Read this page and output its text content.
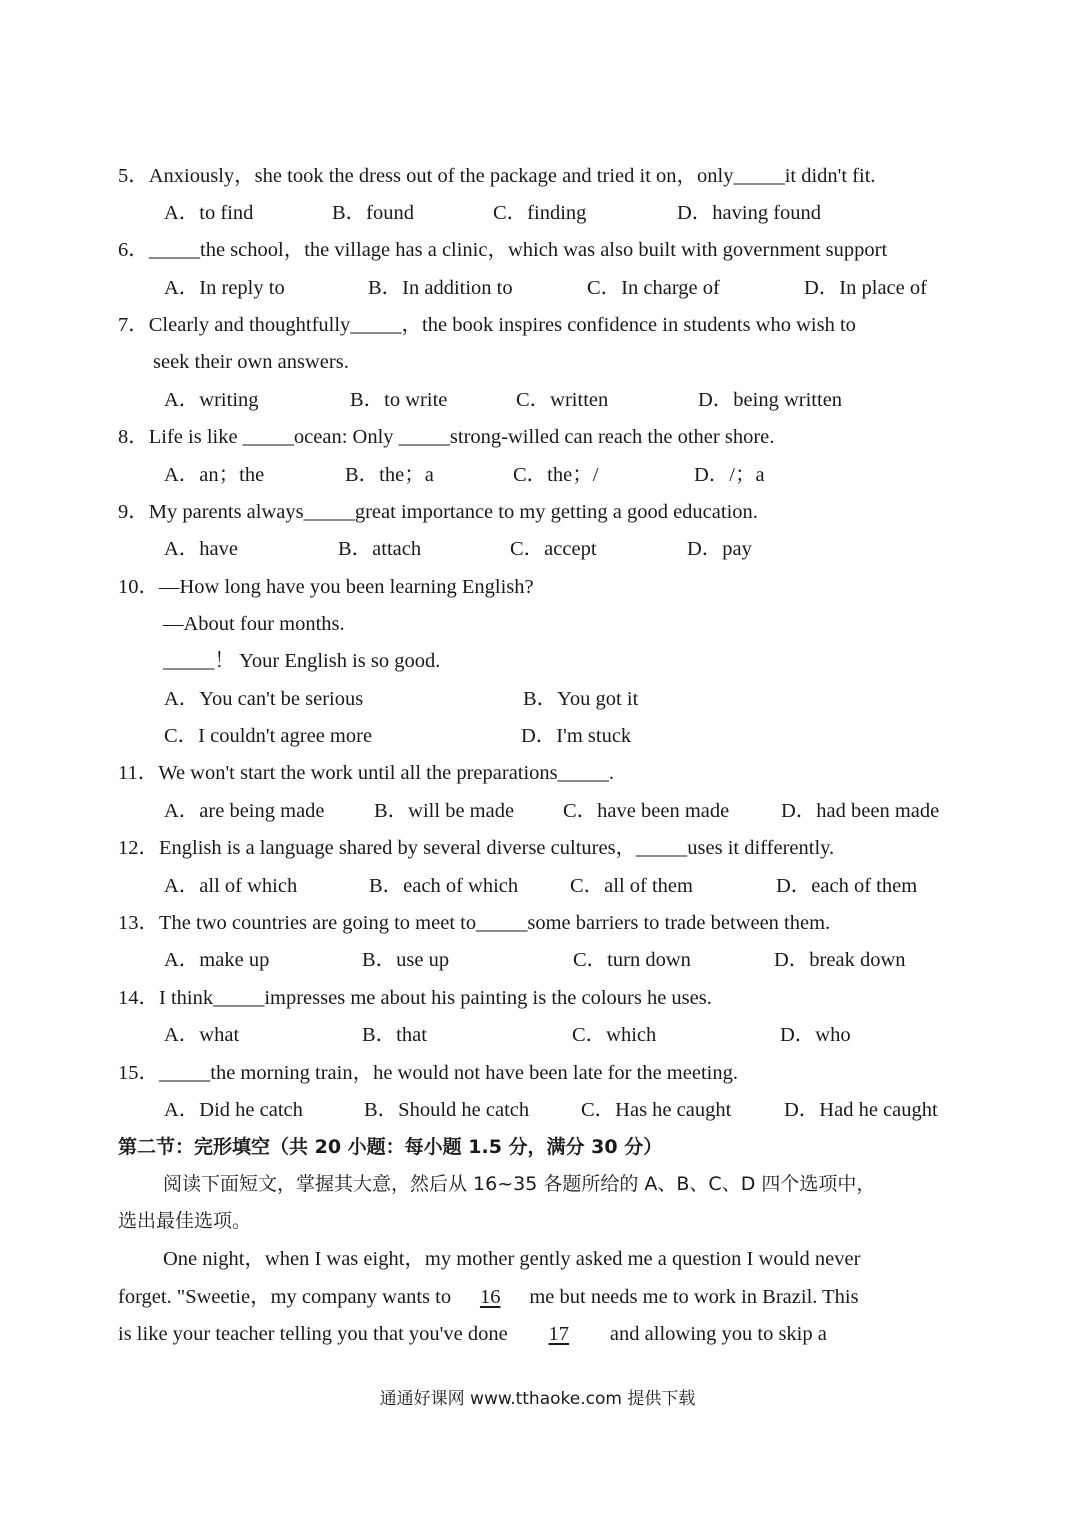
5．Anxiously，she took the dress out of the package and tried it on，only_____it didn't fit.
A．to find	B．found	C．finding	D．having found
6．_____the school，the village has a clinic，which was also built with government support
A．In reply to	B．In addition to	C．In charge of	D．In place of
7．Clearly and thoughtfully_____，the book inspires confidence in students who wish to
seek their own answers.
A．writing	B．to write	C．written	D．being written
8．Life is like _____ocean: Only _____strong-willed can reach the other shore.
A．an；the	B．the；a	C．the；/	D．/；a
9．My parents always_____great importance to my getting a good education.
A．have	B．attach	C．accept	D．pay
10．—How long have you been learning English?
—About four months.
_____！ Your English is so good.
A．You can't be serious	B．You got it
C．I couldn't agree more	D．I'm stuck
11．We won't start the work until all the preparations_____.
A．are being made B．will be made C．have been made	D．had been made
12．English is a language shared by several diverse cultures，_____uses it differently.
A．all of which	B．each of which	C．all of them	D．each of them
13．The two countries are going to meet to_____some barriers to trade between them.
A．make up	B．use up	C．turn down	D．break down
14．I think_____impresses me about his painting is the colours he uses.
A．what	B．that	C．which	D．who
15．_____the morning train，he would not have been late for the meeting.
A．Did he catch	B．Should he catch	C．Has he caught	D．Had he caught
第二节：完形填空（共 20 小题：每小题 1.5 分，满分 30 分）
阅读下面短文，掌握其大意，然后从 16~35 各题所给的 A、B、C、D 四个选项中，
选出最佳选项。
One night，when I was eight，my mother gently asked me a question I would never
forget. "Sweetie，my company wants to 16 me but needs me to work in Brazil. This
is like your teacher telling you that you've done 17 and allowing you to skip a
通通好课网 www.tthaoke.com 提供下载
